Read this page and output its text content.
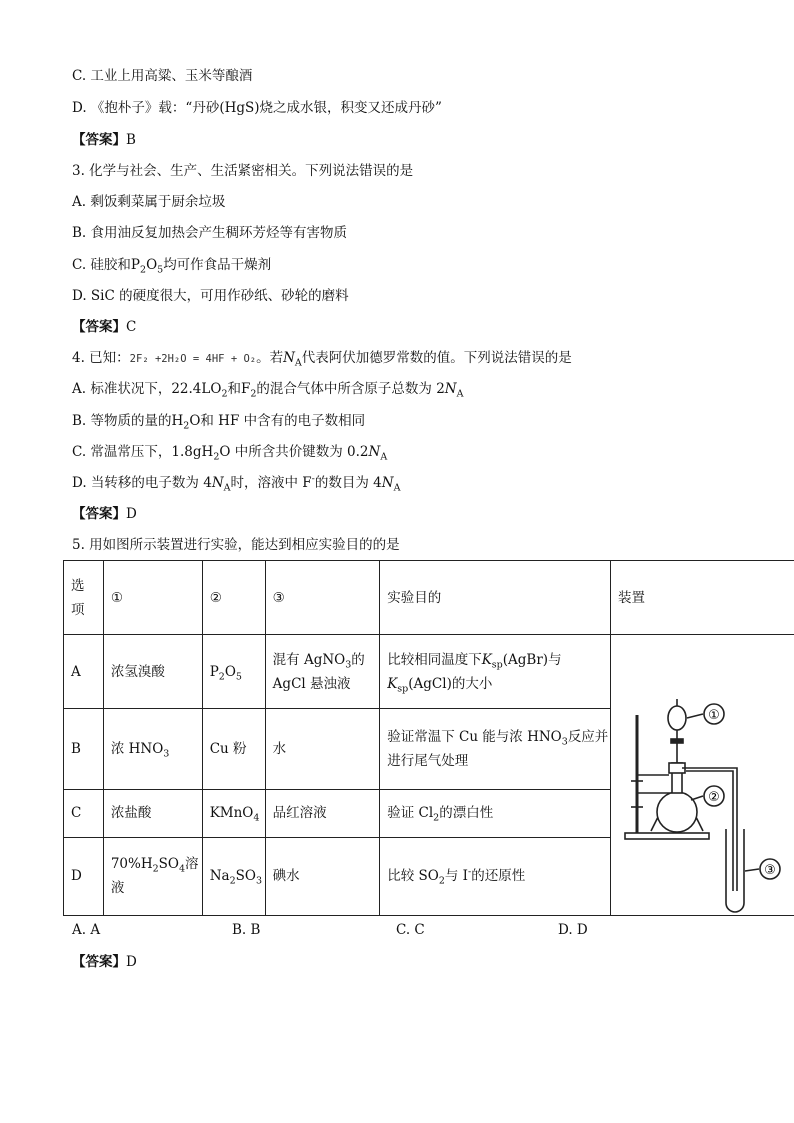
C. 工业上用高粱、玉米等酿酒
D. 《抱朴子》载：“丹砂(HgS)烧之成水银，积变又还成丹砂”
【答案】B
3. 化学与社会、生产、生活紧密相关。下列说法错误的是
A. 剩饭剩菜属于厨余垃圾
B. 食用油反复加热会产生稠环芳烃等有害物质
C. 硅胶和$P_2O_5$均可作食品干燥剂
D. SiC 的硬度很大，可用作砂纸、砂轮的磨料
【答案】C
4. 已知：2F₂ +2H₂O = 4HF + O₂。若$N_A$代表阿伏加德罗常数的值。下列说法错误的是
A. 标准状况下，$22.4LO_2$和$F_2$的混合气体中所含原子总数为 $2N_A$
B. 等物质的量的$H_2O$和 HF 中含有的电子数相同
C. 常温常压下，$1.8gH_2O$ 中所含共价键数为 $0.2N_A$
D. 当转移的电子数为 $4N_A$时，溶液中 F-的数目为 $4N_A$
【答案】D
5. 用如图所示装置进行实验，能达到相应实验目的的是
选
项	①	②	③	实验目的	装置
A	浓氢溴酸	$P_2O_5$	混有 AgNO$_3$的
AgCl 悬浊液	比较相同温度下$K_{sp}(AgBr)$与
$K_{sp}(AgCl)$的大小	①
②
③

B	浓 $HNO_3$	Cu 粉	水	验证常温下 Cu 能与浓 $HNO_3$反应并
进行尾气处理	
C	浓盐酸	KMnO$_4$	品红溶液	验证 $Cl_2$的漂白性	
D	$70\%H_2SO_4$溶
液	$Na_2SO_3$	碘水	比较 $SO_2$与 I-的还原性	
A. A	B. B	C. C	D. D
【答案】D
